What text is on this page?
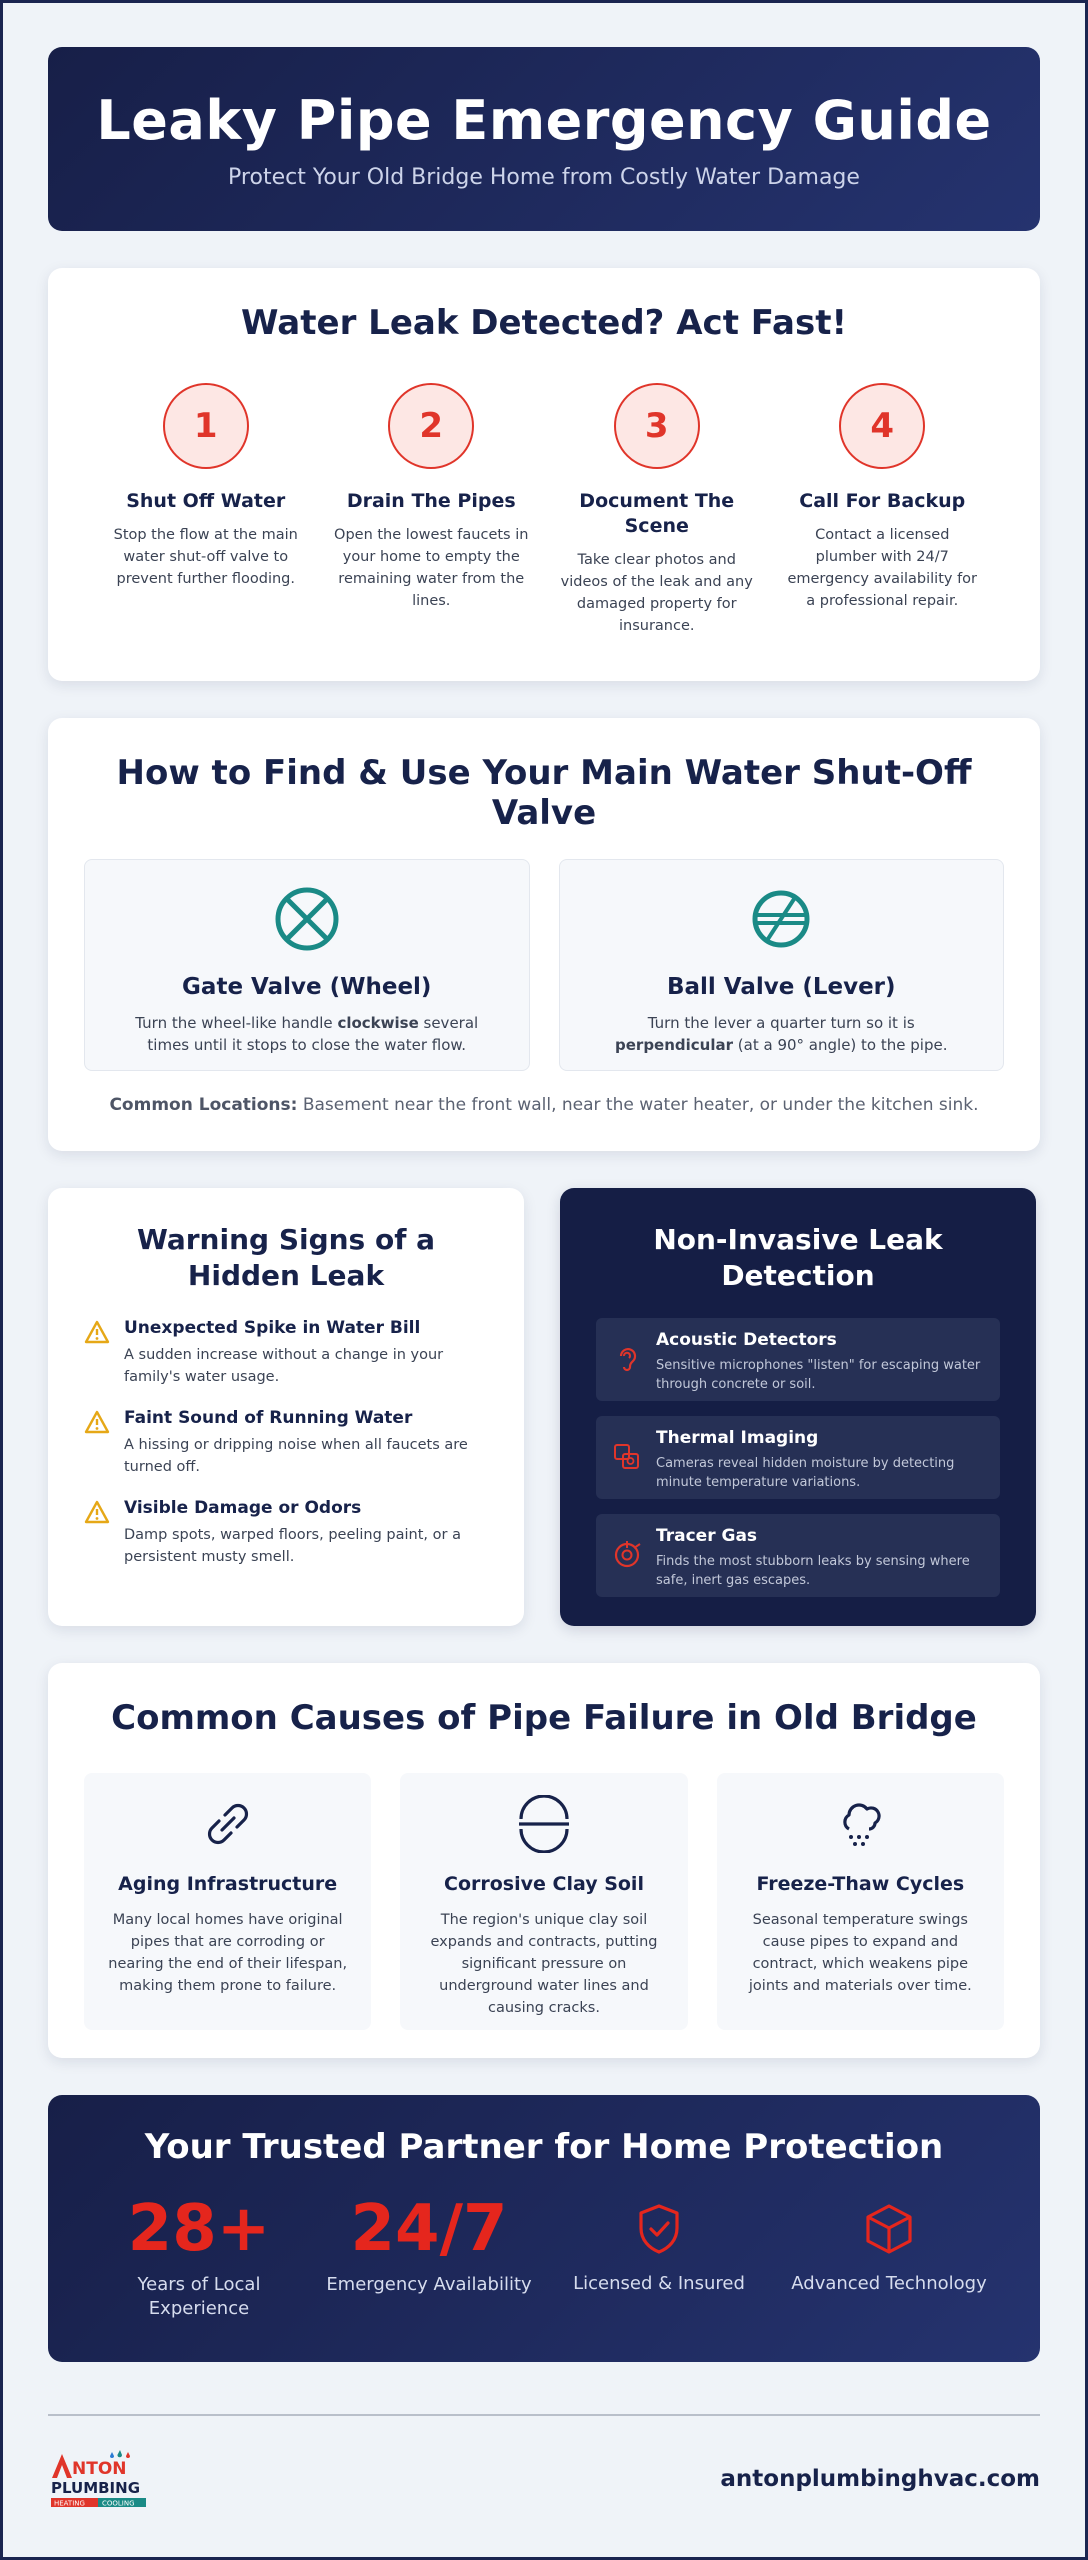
Leaky Pipe Emergency Guide

Protect Your Old Bridge Home from Costly Water Damage

Water Leak Detected? Act Fast!
1
Shut Off Water

Stop the flow at the main water shut-off valve to prevent further flooding.

2
Drain The Pipes

Open the lowest faucets in your home to empty the remaining water from the lines.

3
Document The Scene

Take clear photos and videos of the leak and any damaged property for insurance.

4
Call For Backup

Contact a licensed plumber with 24/7 emergency availability for a professional repair.

How to Find & Use Your Main Water Shut-Off Valve
Gate Valve (Wheel)

Turn the wheel-like handle clockwise several times until it stops to close the water flow.

Ball Valve (Lever)

Turn the lever a quarter turn so it is perpendicular (at a 90° angle) to the pipe.

Common Locations: Basement near the front wall, near the water heater, or under the kitchen sink.

Warning Signs of a Hidden Leak
Unexpected Spike in Water Bill

A sudden increase without a change in your family's water usage.

Faint Sound of Running Water

A hissing or dripping noise when all faucets are turned off.

Visible Damage or Odors

Damp spots, warped floors, peeling paint, or a persistent musty smell.

Non-Invasive Leak Detection
Acoustic Detectors

Sensitive microphones "listen" for escaping water through concrete or soil.

Thermal Imaging

Cameras reveal hidden moisture by detecting minute temperature variations.

Tracer Gas

Finds the most stubborn leaks by sensing where safe, inert gas escapes.

Common Causes of Pipe Failure in Old Bridge
Aging Infrastructure

Many local homes have original pipes that are corroding or nearing the end of their lifespan, making them prone to failure.

Corrosive Clay Soil

The region's unique clay soil expands and contracts, putting significant pressure on underground water lines and causing cracks.

Freeze-Thaw Cycles

Seasonal temperature swings cause pipes to expand and contract, which weakens pipe joints and materials over time.

Your Trusted Partner for Home Protection
28+
Years of Local Experience
24/7
Emergency Availability	Licensed & Insured	Advanced Technology
NTON
PLUMBING
HEATING COOLING
antonplumbinghvac.com
